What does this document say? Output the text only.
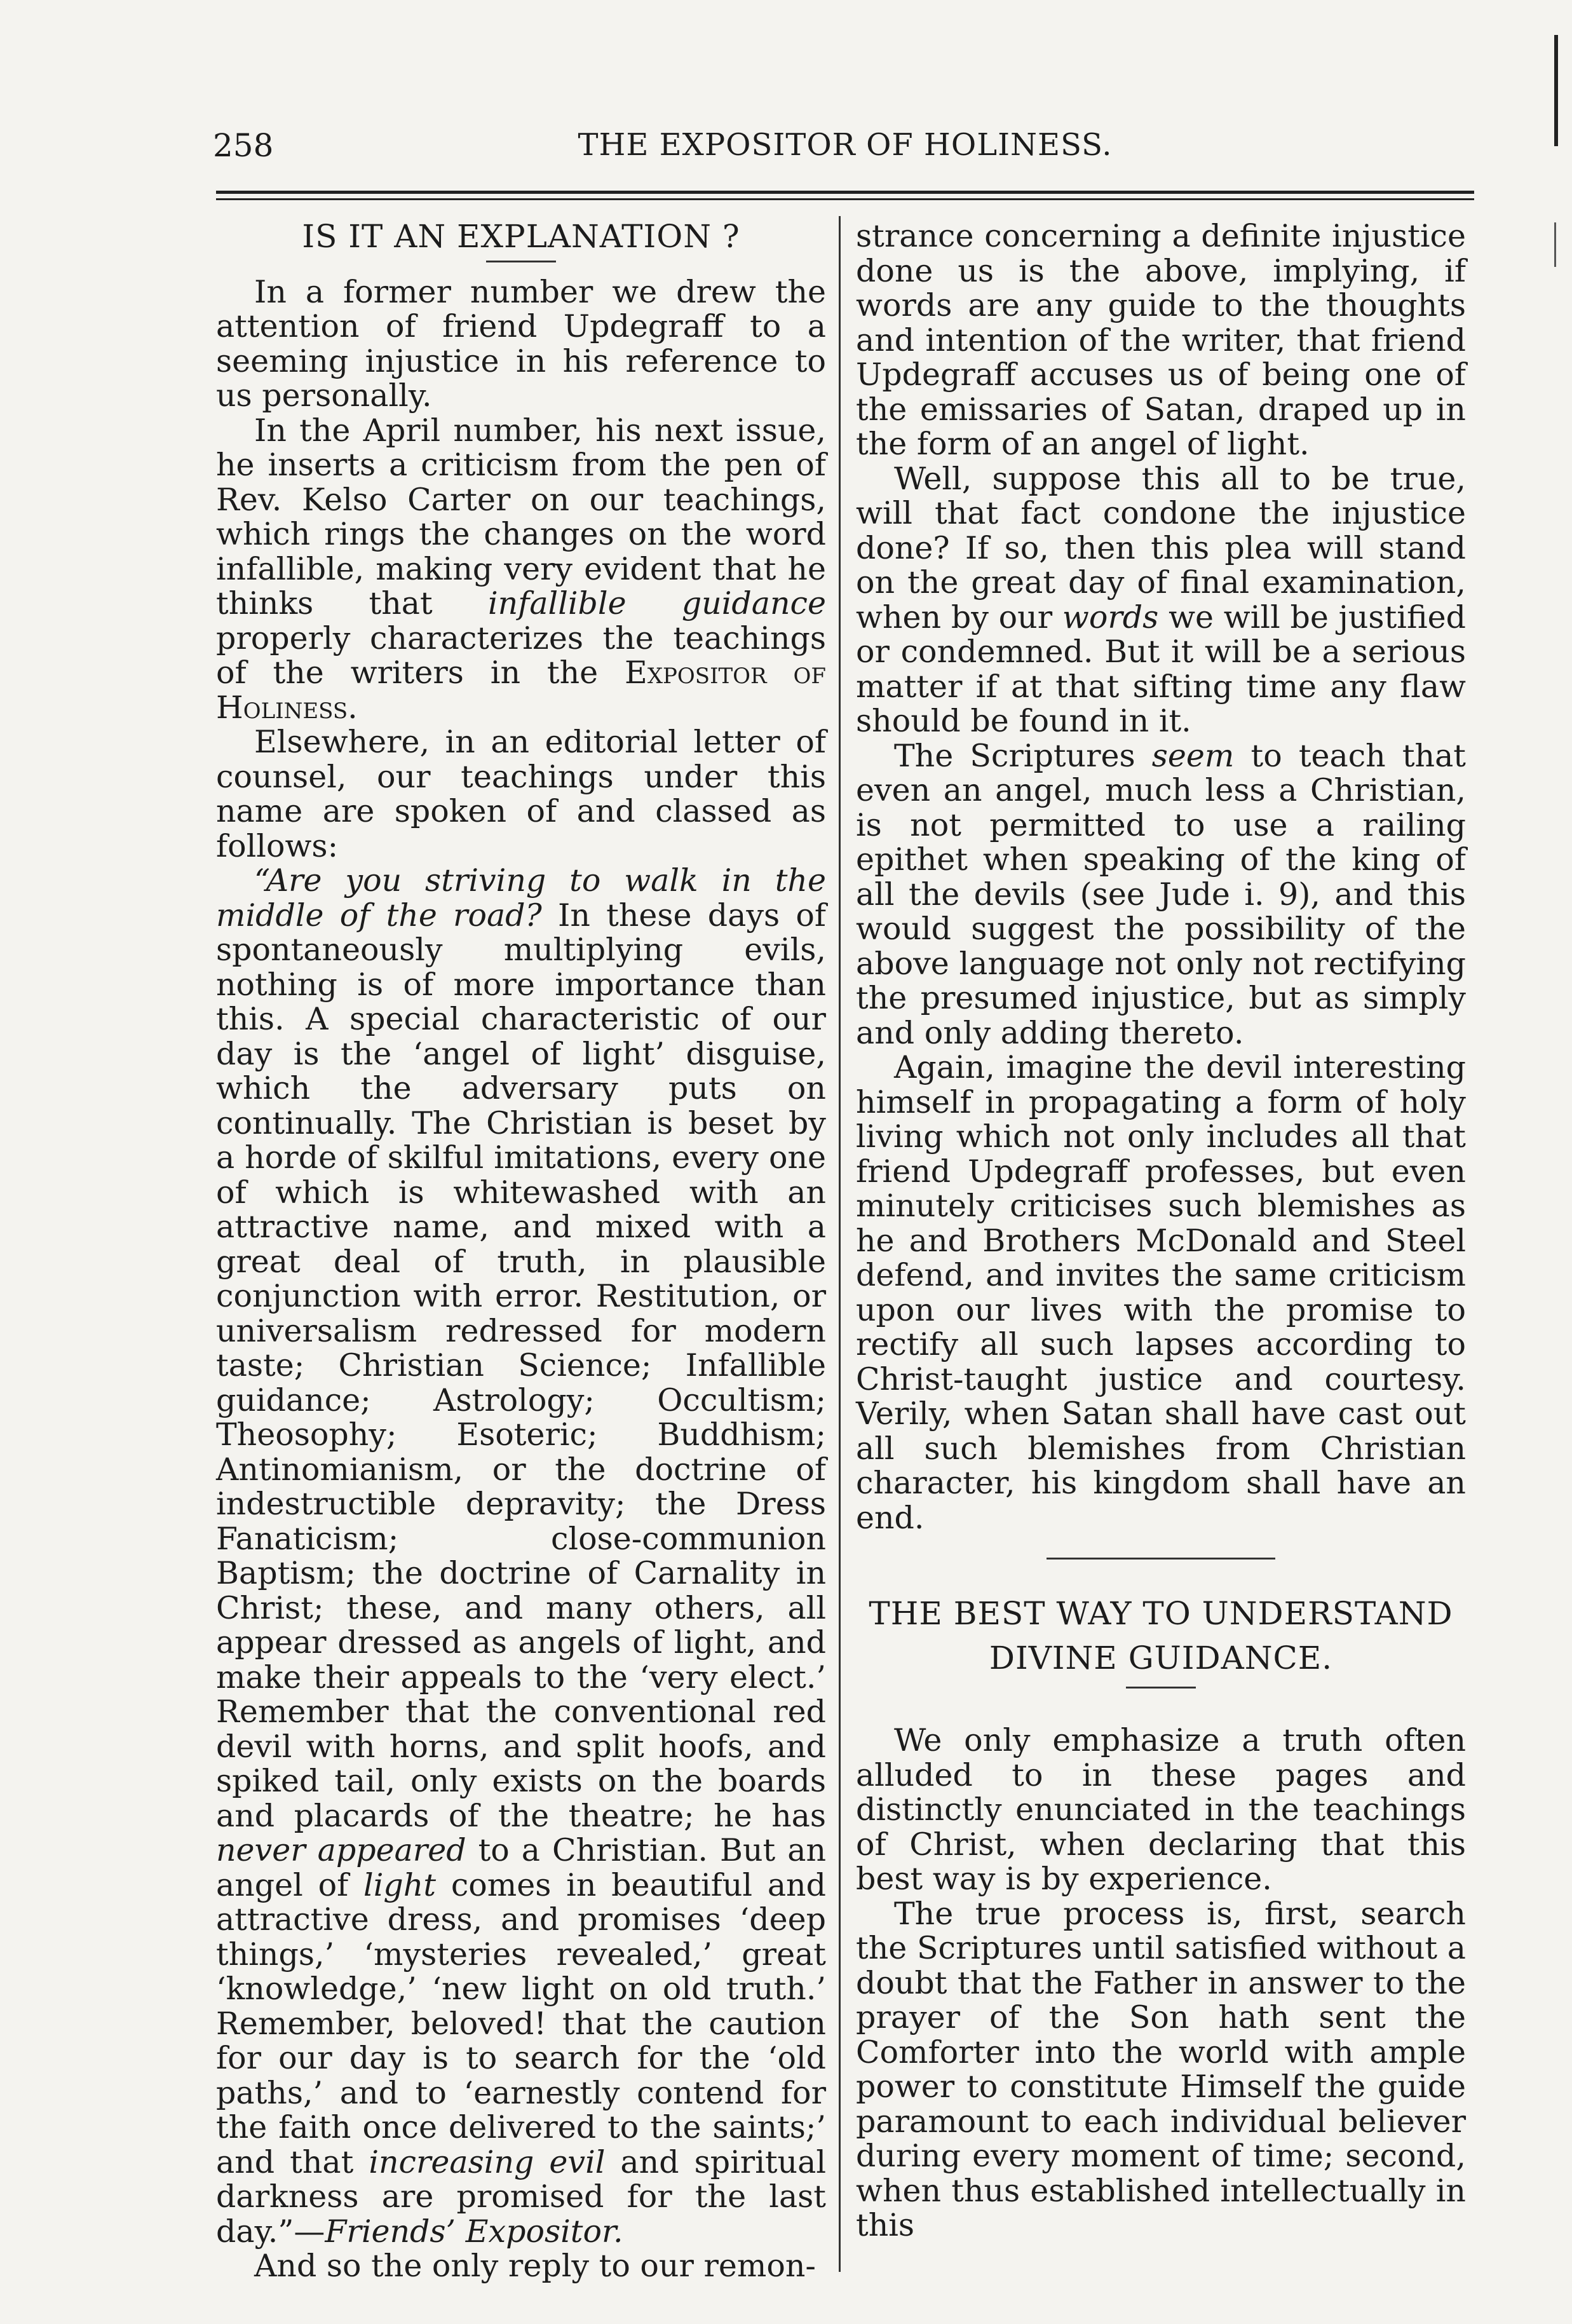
258	THE EXPOSITOR OF HOLINESS.
IS IT AN EXPLANATION ?

In a former number we drew the attention of friend Updegraff to a seeming injustice in his reference to us personally.

In the April number, his next issue, he inserts a criticism from the pen of Rev. Kelso Carter on our teachings, which rings the changes on the word infallible, making very evident that he thinks that infallible guidance properly characterizes the teachings of the writers in the Expositor of Holiness.

Elsewhere, in an editorial letter of counsel, our teachings under this name are spoken of and classed as follows:

“Are you striving to walk in the middle of the road? In these days of spontaneously multiplying evils, nothing is of more importance than this. A special characteristic of our day is the ‘angel of light’ disguise, which the adversary puts on continually. The Christian is beset by a horde of skilful imitations, every one of which is whitewashed with an attractive name, and mixed with a great deal of truth, in plausible conjunction with error. Restitution, or universalism redressed for modern taste; Christian Science; Infallible guidance; Astrology; Occultism; Theosophy; Esoteric; Buddhism; Antinomianism, or the doctrine of indestructible depravity; the Dress Fanaticism; close-communion Baptism; the doctrine of Carnality in Christ; these, and many others, all appear dressed as angels of light, and make their appeals to the ‘very elect.’ Remember that the conventional red devil with horns, and split hoofs, and spiked tail, only exists on the boards and placards of the theatre; he has never appeared to a Christian. But an angel of light comes in beautiful and attractive dress, and promises ‘deep things,’ ‘mysteries revealed,’ great ‘knowledge,’ ‘new light on old truth.’ Remember, beloved! that the caution for our day is to search for the ‘old paths,’ and to ‘earnestly contend for the faith once delivered to the saints;’ and that increasing evil and spiritual darkness are promised for the last day.”—Friends’ Expositor.

And so the only reply to our remon-

strance concerning a definite injustice done us is the above, implying, if words are any guide to the thoughts and intention of the writer, that friend Updegraff accuses us of being one of the emissaries of Satan, draped up in the form of an angel of light.

Well, suppose this all to be true, will that fact condone the injustice done? If so, then this plea will stand on the great day of final examination, when by our words we will be justified or condemned. But it will be a serious matter if at that sifting time any flaw should be found in it.

The Scriptures seem to teach that even an angel, much less a Christian, is not permitted to use a railing epithet when speaking of the king of all the devils (see Jude i. 9), and this would suggest the possibility of the above language not only not rectifying the presumed injustice, but as simply and only adding thereto.

Again, imagine the devil interesting himself in propagating a form of holy living which not only includes all that friend Updegraff professes, but even minutely criticises such blemishes as he and Brothers McDonald and Steel defend, and invites the same criticism upon our lives with the promise to rectify all such lapses according to Christ-taught justice and courtesy. Verily, when Satan shall have cast out all such blemishes from Christian character, his kingdom shall have an end.

THE BEST WAY TO UNDERSTAND
DIVINE GUIDANCE.

We only emphasize a truth often alluded to in these pages and distinctly enunciated in the teachings of Christ, when declaring that this best way is by experience.

The true process is, first, search the Scriptures until satisfied without a doubt that the Father in answer to the prayer of the Son hath sent the Comforter into the world with ample power to constitute Himself the guide paramount to each individual believer during every moment of time; second, when thus established intellectually in this
